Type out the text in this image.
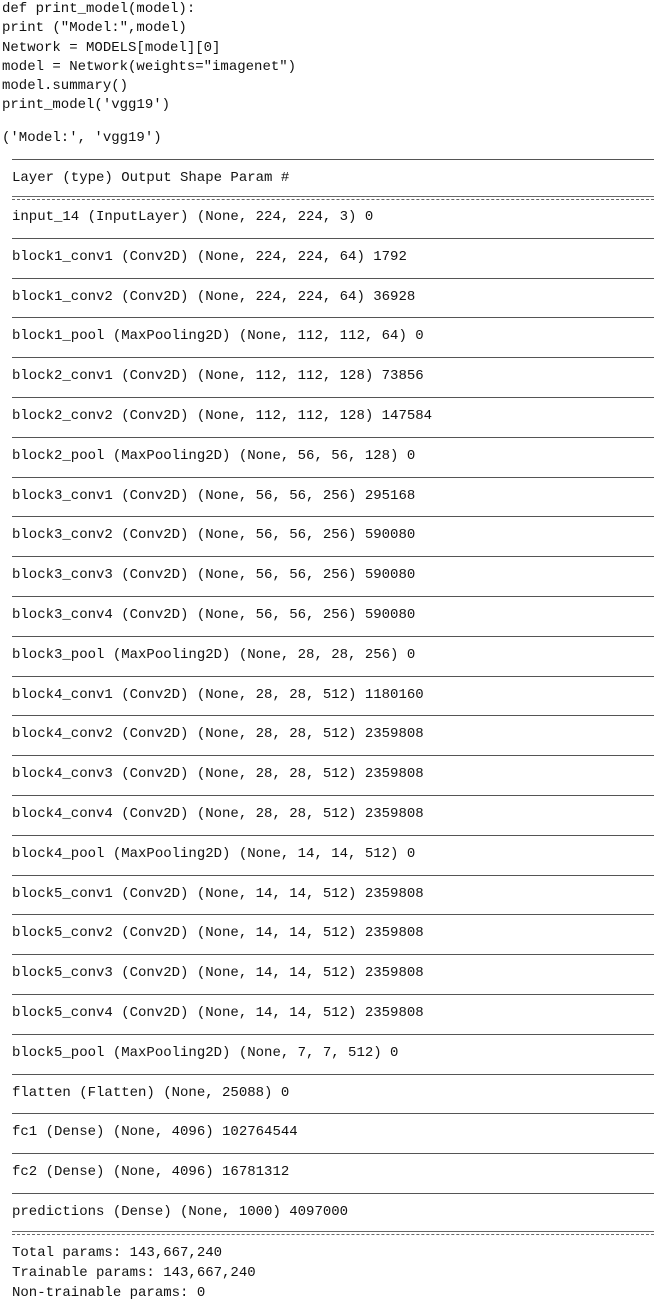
def print_model(model):
print ("Model:",model)
Network = MODELS[model][0]
model = Network(weights="imagenet")
model.summary()
print_model('vgg19')
('Model:', 'vgg19')
Layer (type) Output Shape Param #
input_14 (InputLayer) (None, 224, 224, 3) 0
block1_conv1 (Conv2D) (None, 224, 224, 64) 1792
block1_conv2 (Conv2D) (None, 224, 224, 64) 36928
block1_pool (MaxPooling2D) (None, 112, 112, 64) 0
block2_conv1 (Conv2D) (None, 112, 112, 128) 73856
block2_conv2 (Conv2D) (None, 112, 112, 128) 147584
block2_pool (MaxPooling2D) (None, 56, 56, 128) 0
block3_conv1 (Conv2D) (None, 56, 56, 256) 295168
block3_conv2 (Conv2D) (None, 56, 56, 256) 590080
block3_conv3 (Conv2D) (None, 56, 56, 256) 590080
block3_conv4 (Conv2D) (None, 56, 56, 256) 590080
block3_pool (MaxPooling2D) (None, 28, 28, 256) 0
block4_conv1 (Conv2D) (None, 28, 28, 512) 1180160
block4_conv2 (Conv2D) (None, 28, 28, 512) 2359808
block4_conv3 (Conv2D) (None, 28, 28, 512) 2359808
block4_conv4 (Conv2D) (None, 28, 28, 512) 2359808
block4_pool (MaxPooling2D) (None, 14, 14, 512) 0
block5_conv1 (Conv2D) (None, 14, 14, 512) 2359808
block5_conv2 (Conv2D) (None, 14, 14, 512) 2359808
block5_conv3 (Conv2D) (None, 14, 14, 512) 2359808
block5_conv4 (Conv2D) (None, 14, 14, 512) 2359808
block5_pool (MaxPooling2D) (None, 7, 7, 512) 0
flatten (Flatten) (None, 25088) 0
fc1 (Dense) (None, 4096) 102764544
fc2 (Dense) (None, 4096) 16781312
predictions (Dense) (None, 1000) 4097000
Total params: 143,667,240
Trainable params: 143,667,240
Non-trainable params: 0
